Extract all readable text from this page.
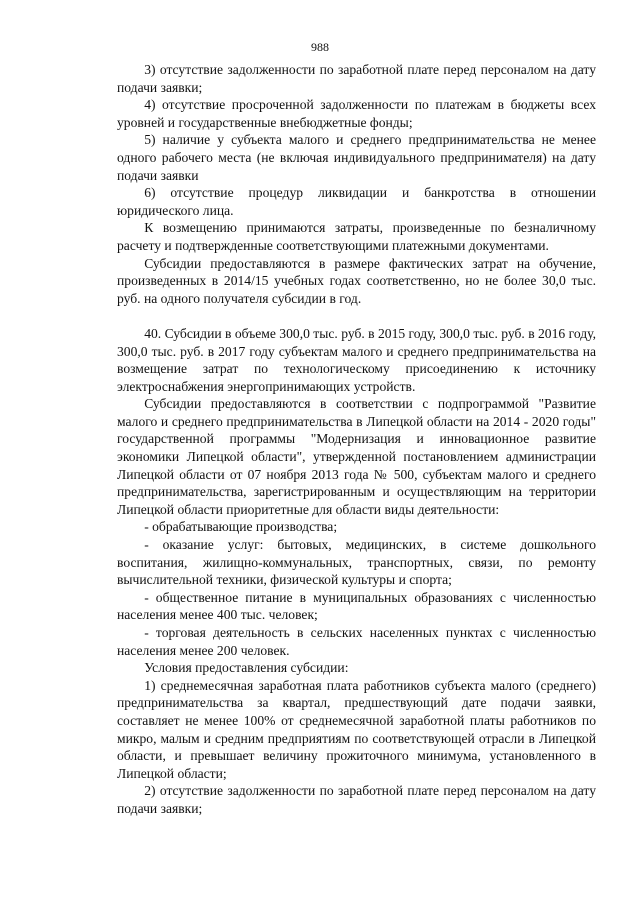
988

3) отсутствие задолженности по заработной плате перед персоналом на дату подачи заявки;

4) отсутствие просроченной задолженности по платежам в бюджеты всех уровней и государственные внебюджетные фонды;

5) наличие у субъекта малого и среднего предпринимательства не менее одного рабочего места (не включая индивидуального предпринимателя) на дату подачи заявки

6) отсутствие процедур ликвидации и банкротства в отношении юридического лица.

К возмещению принимаются затраты, произведенные по безналичному расчету и подтвержденные соответствующими платежными документами.

Субсидии предоставляются в размере фактических затрат на обучение, произведенных в 2014/15 учебных годах соответственно, но не более 30,0 тыс. руб. на одного получателя субсидии в год.

40. Субсидии в объеме 300,0 тыс. руб. в 2015 году, 300,0 тыс. руб. в 2016 году, 300,0 тыс. руб. в 2017 году субъектам малого и среднего предпринимательства на возмещение затрат по технологическому присоединению к источнику электроснабжения энергопринимающих устройств.

Субсидии предоставляются в соответствии с подпрограммой "Развитие малого и среднего предпринимательства в Липецкой области на 2014 - 2020 годы" государственной программы "Модернизация и инновационное развитие экономики Липецкой области", утвержденной постановлением администрации Липецкой области от 07 ноября 2013 года № 500, субъектам малого и среднего предпринимательства, зарегистрированным и осуществляющим на территории Липецкой области приоритетные для области виды деятельности:

- обрабатывающие производства;

- оказание услуг: бытовых, медицинских, в системе дошкольного воспитания, жилищно-коммунальных, транспортных, связи, по ремонту вычислительной техники, физической культуры и спорта;

- общественное питание в муниципальных образованиях с численностью населения менее 400 тыс. человек;

- торговая деятельность в сельских населенных пунктах с численностью населения менее 200 человек.

Условия предоставления субсидии:

1) среднемесячная заработная плата работников субъекта малого (среднего) предпринимательства за квартал, предшествующий дате подачи заявки, составляет не менее 100% от среднемесячной заработной платы работников по микро, малым и средним предприятиям по соответствующей отрасли в Липецкой области, и превышает величину прожиточного минимума, установленного в Липецкой области;

2) отсутствие задолженности по заработной плате перед персоналом на дату подачи заявки;
